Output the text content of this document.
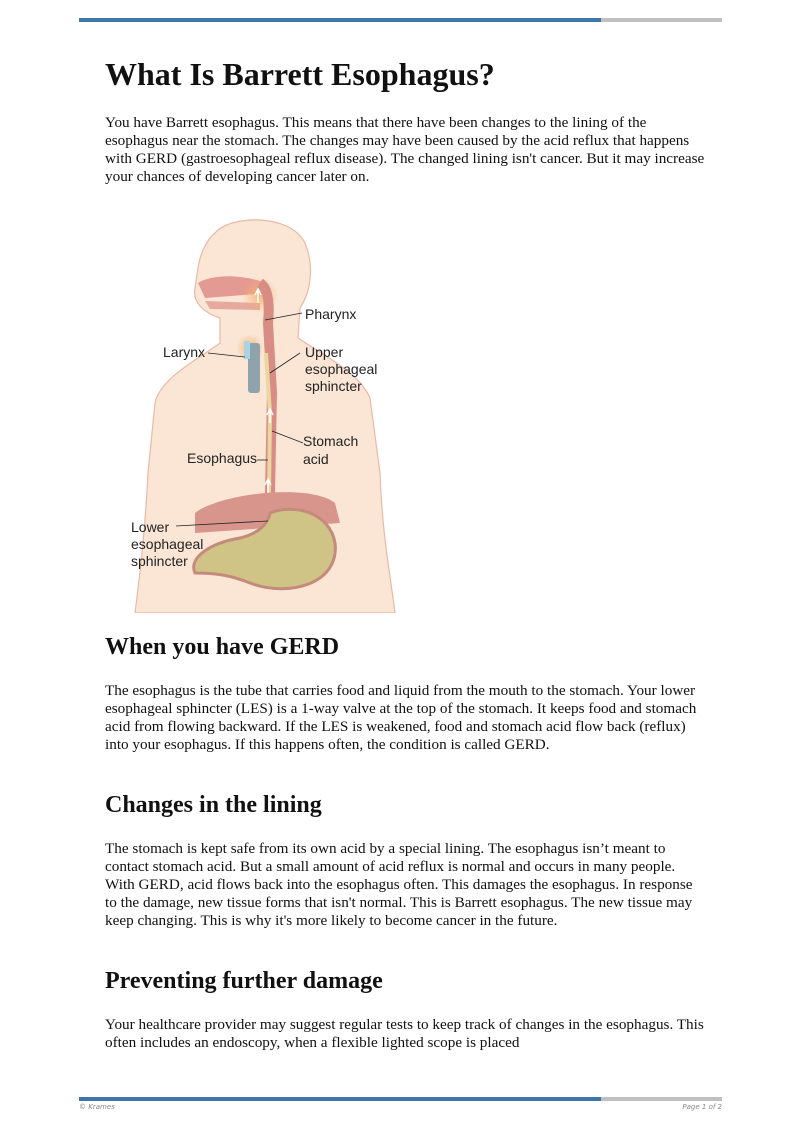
What Is Barrett Esophagus?

You have Barrett esophagus. This means that there have been changes to the lining of the esophagus near the stomach. The changes may have been caused by the acid reflux that happens with GERD (gastroesophageal reflux disease). The changed lining isn't cancer. But it may increase your chances of developing cancer later on.

Pharynx
Larynx	Upper
esophageal
sphincter
Stomach
acid
Esophagus
Lower
esophageal
sphincter
When you have GERD

The esophagus is the tube that carries food and liquid from the mouth to the stomach. Your lower esophageal sphincter (LES) is a 1-way valve at the top of the stomach. It keeps food and stomach acid from flowing backward. If the LES is weakened, food and stomach acid flow back (reflux) into your esophagus. If this happens often, the condition is called GERD.

Changes in the lining

The stomach is kept safe from its own acid by a special lining. The esophagus isn’t meant to contact stomach acid. But a small amount of acid reflux is normal and occurs in many people. With GERD, acid flows back into the esophagus often. This damages the esophagus. In response to the damage, new tissue forms that isn't normal. This is Barrett esophagus. The new tissue may keep changing. This is why it's more likely to become cancer in the future.

Preventing further damage

Your healthcare provider may suggest regular tests to keep track of changes in the esophagus. This often includes an endoscopy, when a flexible lighted scope is placed

© Krames	Page 1 of 2
